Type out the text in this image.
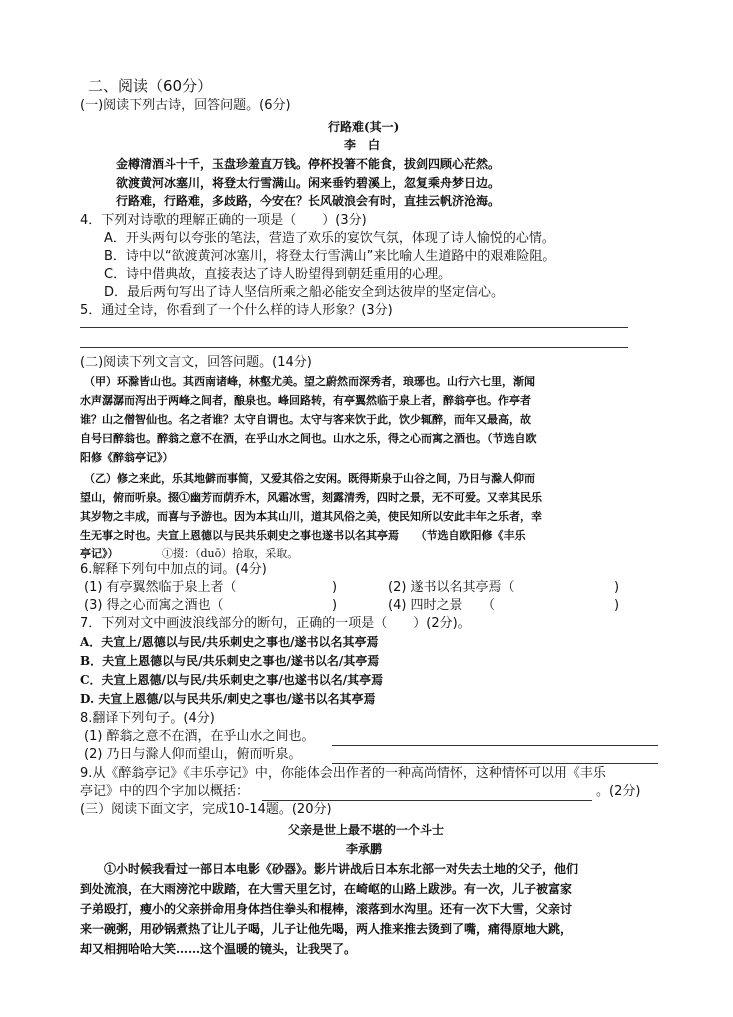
二、阅读（60分）
(一)阅读下列古诗，回答问题。(6分)
行路难(其一)
李　白
金樽清酒斗十千，玉盘珍羞直万钱。停杯投箸不能食，拔剑四顾心茫然。
欲渡黄河冰塞川，将登太行雪满山。闲来垂钓碧溪上，忽复乘舟梦日边。
行路难，行路难，多歧路，今安在？长风破浪会有时，直挂云帆济沧海。
4．下列对诗歌的理解正确的一项是（　　）(3分)
A．开头两句以夸张的笔法，营造了欢乐的宴饮气氛，体现了诗人愉悦的心情。
B．诗中以“欲渡黄河冰塞川，将登太行雪满山”来比喻人生道路中的艰难险阻。
C．诗中借典故，直接表达了诗人盼望得到朝廷重用的心理。
D．最后两句写出了诗人坚信所乘之船必能安全到达彼岸的坚定信心。
5．通过全诗，你看到了一个什么样的诗人形象？(3分)
(二)阅读下列文言文，回答问题。(14分)
（甲）环滁皆山也。其西南诸峰，林壑尤美。望之蔚然而深秀者，琅琊也。山行六七里，渐闻
水声潺潺而泻出于两峰之间者，酿泉也。峰回路转，有亭翼然临于泉上者，醉翁亭也。作亭者
谁？山之僧智仙也。名之者谁？太守自谓也。太守与客来饮于此，饮少辄醉，而年又最高，故
自号曰醉翁也。醉翁之意不在酒，在乎山水之间也。山水之乐，得之心而寓之酒也。（节选自欧
阳修《醉翁亭记》）
（乙）修之来此，乐其地僻而事简，又爱其俗之安闲。既得斯泉于山谷之间，乃日与滁人仰而
望山，俯而听泉。掇①幽芳而荫乔木，风霜冰雪，刻露清秀，四时之景，无不可爱。又幸其民乐
其岁物之丰成，而喜与予游也。因为本其山川，道其风俗之美，使民知所以安此丰年之乐者，幸
生无事之时也。夫宣上恩德以与民共乐刺史之事也遂书以名其亭焉　　（节选自欧阳修《丰乐
亭记》）	①掇：（duō）拾取，采取。
6.解释下列句中加点的词。(4分)
(1) 有亭翼然临于泉上者（	)	(2) 遂书以名其亭焉（	)
(3) 得之心而寓之酒也（	)	(4) 四时之景　　（	)
7．下列对文中画波浪线部分的断句，正确的一项是（　　）(2分)。
A．夫宣上/恩德以与民/共乐刺史之事也/遂书以名其亭焉
B．夫宣上恩德以与民/共乐刺史之事也/遂书以名/其亭焉
C．夫宣上恩德/以与民/共乐刺史之事/也遂书以名/其亭焉
D. 夫宣上恩德/以与民共乐/刺史之事也/遂书以名其亭焉
8.翻译下列句子。(4分)
(1) 醉翁之意不在酒，在乎山水之间也。
(2) 乃日与滁人仰而望山，俯而听泉。
9.从《醉翁亭记》《丰乐亭记》中，你能体会出作者的一种高尚情怀，这种情怀可以用《丰乐
亭记》中的四个字加以概括：	。(2分)
(三）阅读下面文字，完成10-14题。(20分)
父亲是世上最不堪的一个斗士
李承鹏
①小时候我看过一部日本电影《砂器》。影片讲战后日本东北部一对失去土地的父子，他们
到处流浪，在大雨滂沱中跋踏，在大雪天里乞讨，在崎岖的山路上跋涉。有一次，儿子被富家
子弟殴打，瘦小的父亲拼命用身体挡住拳头和棍棒，滚落到水沟里。还有一次下大雪，父亲讨
来一碗粥，用砂锅煮热了让儿子喝，儿子让他先喝，两人推来推去烫到了嘴，痛得原地大跳，
却又相拥哈哈大笑……这个温暖的镜头，让我哭了。
